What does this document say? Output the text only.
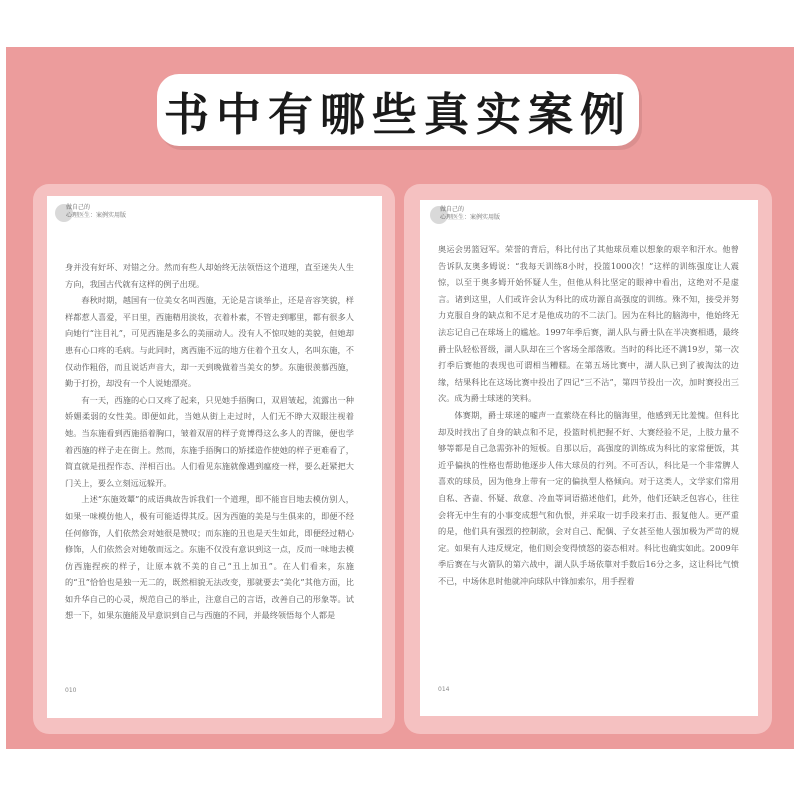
书中有哪些真实案例
做自己的
心理医生：案例实用版

身并没有好坏、对错之分。然而有些人却始终无法领悟这个道理，直至迷失人生方向，我国古代就有这样的例子出现。

春秋时期，越国有一位美女名叫西施，无论是言谈举止，还是音容笑貌，样样都惹人喜爱，平日里，西施精用淡妆，衣着朴素，不管走到哪里，都有很多人向她行“注目礼”，可见西施是多么的美丽动人。没有人不惊叹她的美貌，但她却患有心口疼的毛病。与此同时，离西施不远的地方住着个丑女人，名叫东施，不仅动作粗俗，而且说话声音大，却一天到晚做着当美女的梦。东施很羡慕西施，勤于打扮，却没有一个人说她漂亮。

有一天，西施的心口又疼了起来，只见她手捂胸口，双眉皱起，流露出一种娇媚柔弱的女性美。即便如此，当她从街上走过时，人们无不睁大双眼注视着她。当东施看到西施捂着胸口，皱着双眉的样子竟博得这么多人的青睐，便也学着西施的样子走在街上。然而，东施手捂胸口的矫揉造作使她的样子更难看了，简直就是扭捏作态、洋相百出。人们看见东施就像遇到瘟疫一样，要么赶紧把大门关上，要么立刻远远躲开。

上述“东施效颦”的成语典故告诉我们一个道理，即不能盲目地去模仿别人，如果一味模仿他人，极有可能适得其反。因为西施的美是与生俱来的，即便不经任何修饰，人们依然会对她很是赞叹；而东施的丑也是天生如此，即便经过精心修饰，人们依然会对她敬而远之。东施不仅没有意识到这一点，反而一味地去模仿西施捏疾的样子，让原本就不美的自己“丑上加丑”。在人们看来，东施的“丑”恰恰也是独一无二的，既然相貌无法改变，那就要去“美化”其他方面，比如升华自己的心灵，规范自己的举止，注意自己的言语，改善自己的形象等。试想一下，如果东施能及早意识到自己与西施的不同，并最终领悟每个人都是

010
做自己的
心理医生：案例实用版

奥运会男篮冠军。荣誉的背后，科比付出了其他球员难以想象的艰辛和汗水。他曾告诉队友奥多姆说：“我每天训练8小时，投篮1000次！”这样的训练强度让人震惊，以至于奥多姆开始怀疑人生，但他从科比坚定的眼神中看出，这绝对不是虚言。诸到这里，人们或许会认为科比的成功源自高强度的训练。殊不知，接受并努力克服自身的缺点和不足才是他成功的不二法门。因为在科比的脑海中，他始终无法忘记自己在球场上的尴尬。1997年季后赛，湖人队与爵士队在半决赛相遇，最终爵士队轻松晋级，湖人队却在三个客场全部落败。当时的科比还不满19岁，第一次打季后赛他的表现也可谓相当糟糕。在第五场比赛中，湖人队已到了被淘汰的边缘，结果科比在这场比赛中投出了四记“三不沾”，第四节投出一次，加时赛投出三次。成为爵士球迷的笑料。

体赛期，爵士球迷的嘘声一直萦绕在科比的脑海里，他感到无比羞愧。但科比却及时找出了自身的缺点和不足，投篮时机把握不好、大赛经验不足，上肢力量不够等都是自己急需弥补的短板。自那以后，高强度的训练成为科比的家常便饭，其近乎偏执的性格也帮助他逐步人伟大球员的行列。不可否认，科比是一个非常脾人喜欢的球员，因为他身上带有一定的偏执型人格倾向。对于这类人，文学家们常用自私、吝啬、怀疑、敌意、冷血等词语描述他们，此外，他们还缺乏包容心，往往会将无中生有的小事变成想气和仇恨，并采取一切手段来打击、报复他人。更严重的是，他们具有强烈的控制欲，会对自己、配偶、子女甚至他人强加极为严苛的规定。如果有人违反规定，他们则会变得愤怒的姿态相对。科比也确实如此。2009年季后赛在与火箭队的第六战中，湖人队手场依靠对手数后16分之多，这让科比气愤不已，中场休息时他就冲向球队中锋加索尔，用手捏着

014
